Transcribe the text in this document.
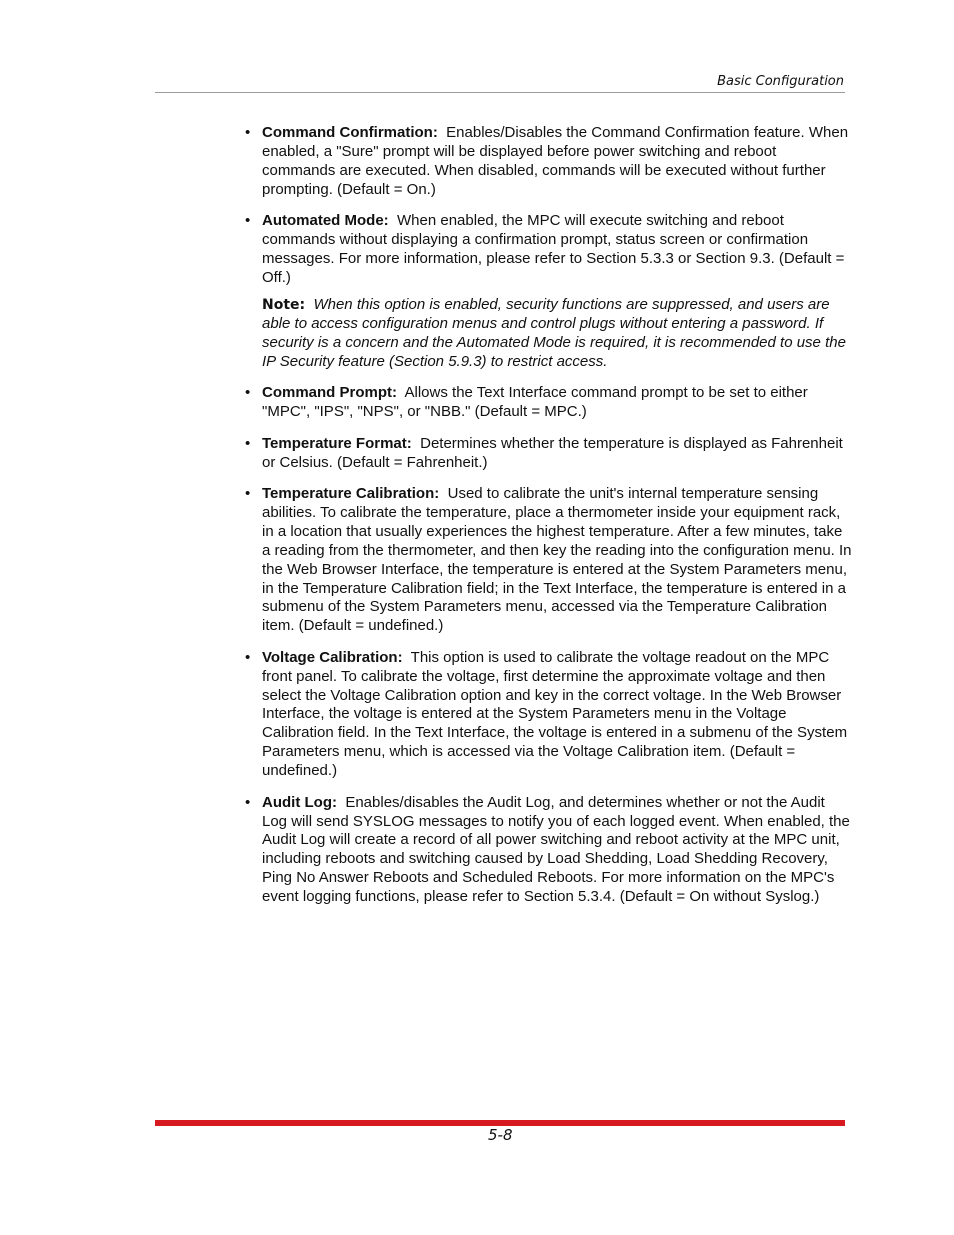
Basic Configuration
• Command Confirmation: Enables/Disables the Command Confirmation feature. When enabled, a "Sure" prompt will be displayed before power switching and reboot commands are executed. When disabled, commands will be executed without further prompting. (Default = On.)
• Automated Mode: When enabled, the MPC will execute switching and reboot commands without displaying a confirmation prompt, status screen or confirmation messages. For more information, please refer to Section 5.3.3 or Section 9.3. (Default = Off.)
Note: When this option is enabled, security functions are suppressed, and users are able to access configuration menus and control plugs without entering a password. If security is a concern and the Automated Mode is required, it is recommended to use the IP Security feature (Section 5.9.3) to restrict access.
• Command Prompt: Allows the Text Interface command prompt to be set to either "MPC", "IPS", "NPS", or "NBB." (Default = MPC.)
• Temperature Format: Determines whether the temperature is displayed as Fahrenheit or Celsius. (Default = Fahrenheit.)
• Temperature Calibration: Used to calibrate the unit's internal temperature sensing abilities. To calibrate the temperature, place a thermometer inside your equipment rack, in a location that usually experiences the highest temperature. After a few minutes, take a reading from the thermometer, and then key the reading into the configuration menu. In the Web Browser Interface, the temperature is entered at the System Parameters menu, in the Temperature Calibration field; in the Text Interface, the temperature is entered in a submenu of the System Parameters menu, accessed via the Temperature Calibration item. (Default = undefined.)
• Voltage Calibration: This option is used to calibrate the voltage readout on the MPC front panel. To calibrate the voltage, first determine the approximate voltage and then select the Voltage Calibration option and key in the correct voltage. In the Web Browser Interface, the voltage is entered at the System Parameters menu in the Voltage Calibration field. In the Text Interface, the voltage is entered in a submenu of the System Parameters menu, which is accessed via the Voltage Calibration item. (Default = undefined.)
• Audit Log: Enables/disables the Audit Log, and determines whether or not the Audit Log will send SYSLOG messages to notify you of each logged event. When enabled, the Audit Log will create a record of all power switching and reboot activity at the MPC unit, including reboots and switching caused by Load Shedding, Load Shedding Recovery, Ping No Answer Reboots and Scheduled Reboots. For more information on the MPC's event logging functions, please refer to Section 5.3.4. (Default = On without Syslog.)
5-8
